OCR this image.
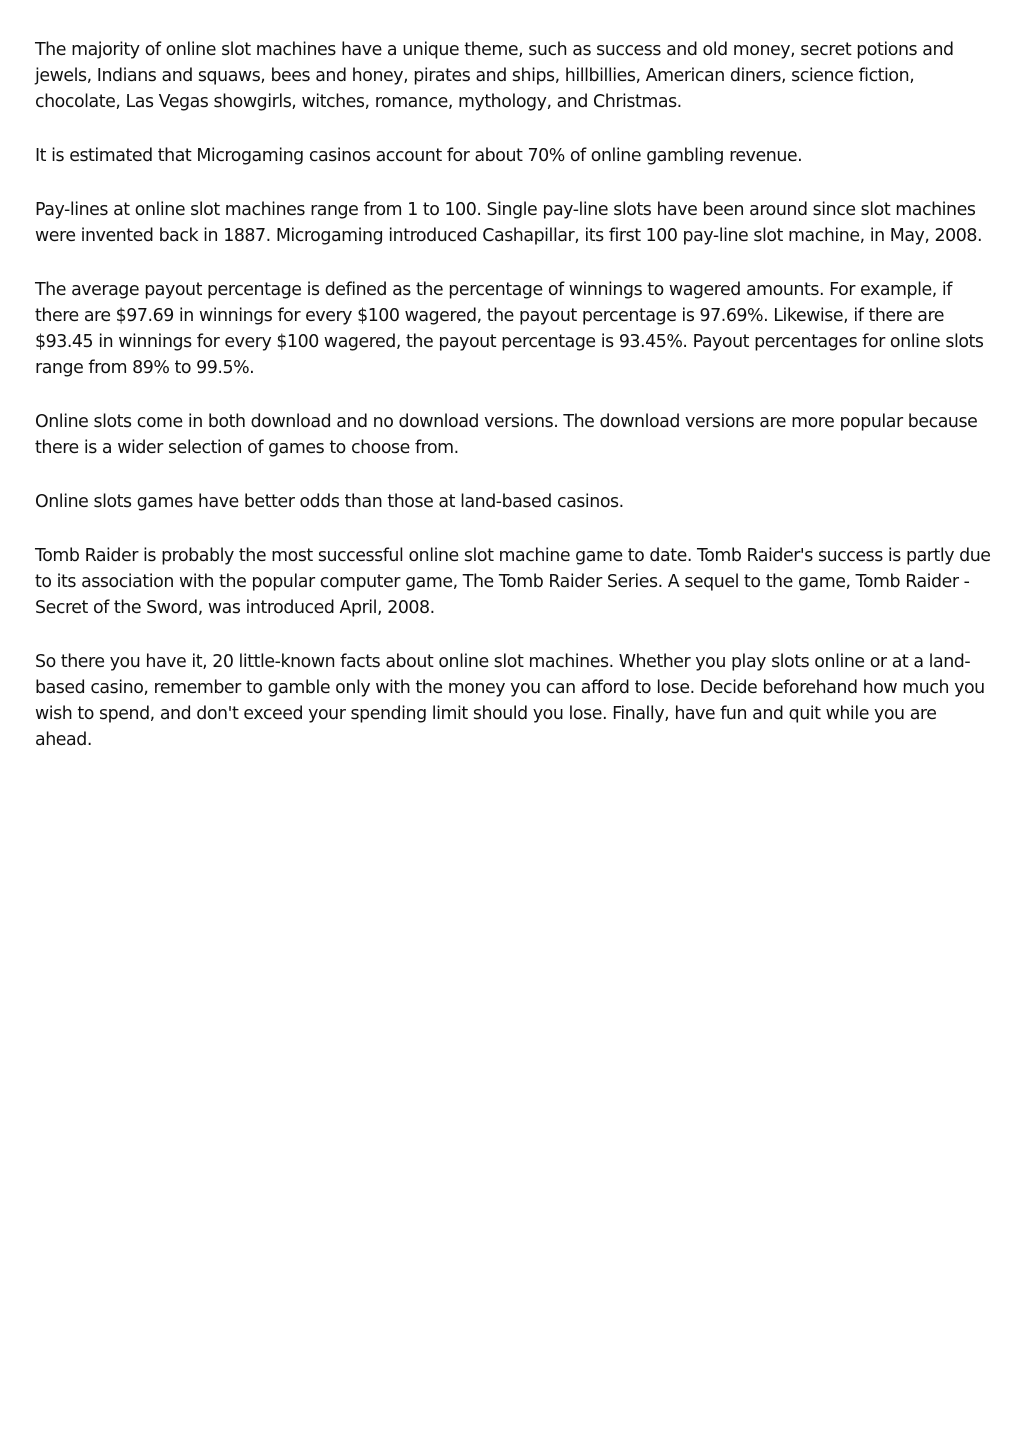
The majority of online slot machines have a unique theme, such as success and old money, secret potions and jewels, Indians and squaws, bees and honey, pirates and ships, hillbillies, American diners, science fiction, chocolate, Las Vegas showgirls, witches, romance, mythology, and Christmas.

It is estimated that Microgaming casinos account for about 70% of online gambling revenue.

Pay-lines at online slot machines range from 1 to 100. Single pay-line slots have been around since slot machines were invented back in 1887. Microgaming introduced Cashapillar, its first 100 pay-line slot machine, in May, 2008.

The average payout percentage is defined as the percentage of winnings to wagered amounts. For example, if there are $97.69 in winnings for every $100 wagered, the payout percentage is 97.69%. Likewise, if there are $93.45 in winnings for every $100 wagered, the payout percentage is 93.45%. Payout percentages for online slots range from 89% to 99.5%.

Online slots come in both download and no download versions. The download versions are more popular because there is a wider selection of games to choose from.

Online slots games have better odds than those at land-based casinos.

Tomb Raider is probably the most successful online slot machine game to date. Tomb Raider's success is partly due to its association with the popular computer game, The Tomb Raider Series. A sequel to the game, Tomb Raider - Secret of the Sword, was introduced April, 2008.

So there you have it, 20 little-known facts about online slot machines. Whether you play slots online or at a land-based casino, remember to gamble only with the money you can afford to lose. Decide beforehand how much you wish to spend, and don't exceed your spending limit should you lose. Finally, have fun and quit while you are ahead.
